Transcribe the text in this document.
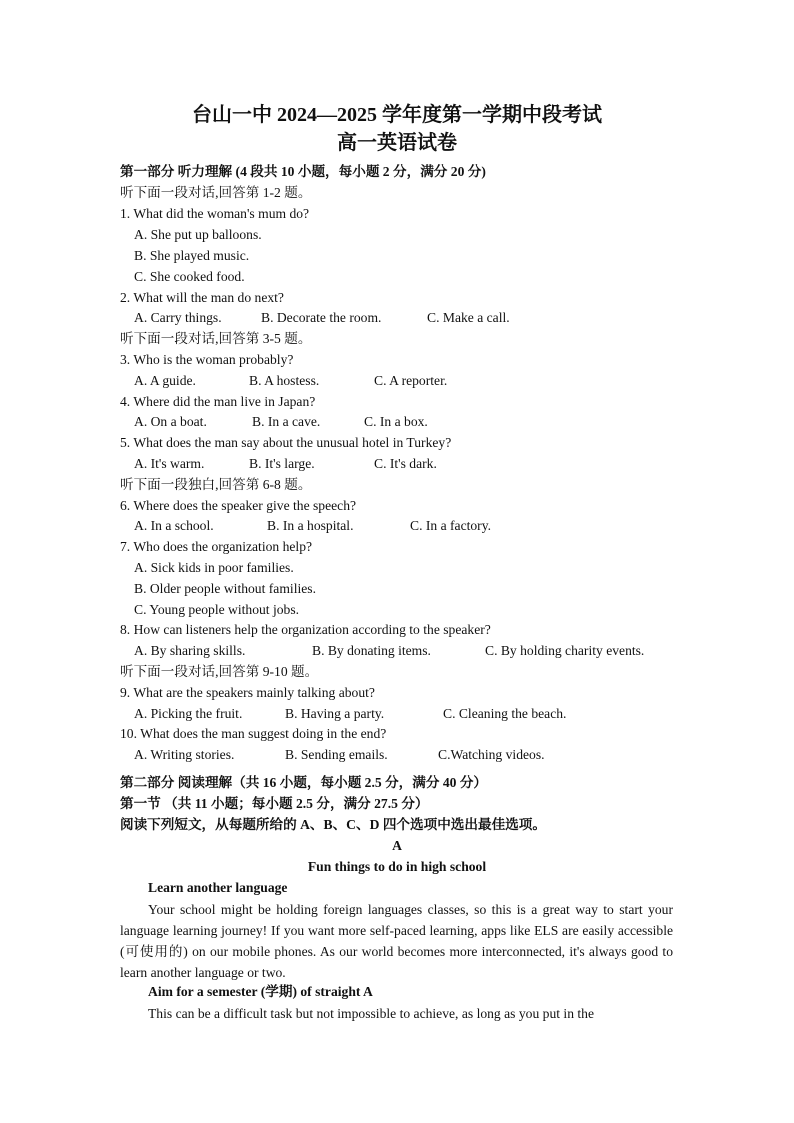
台山一中 2024—2025 学年度第一学期中段考试
高一英语试卷
第一部分 听力理解 (4 段共 10 小题，每小题 2 分，满分 20 分)
听下面一段对话,回答第 1-2 题。
1. What did the woman's mum do?
A. She put up balloons.
B. She played music.
C. She cooked food.
2. What will the man do next?
A. Carry things.	B. Decorate the room.	C. Make a call.
听下面一段对话,回答第 3-5 题。
3. Who is the woman probably?
A. A guide.	B. A hostess.	C. A reporter.
4. Where did the man live in Japan?
A. On a boat.	B. In a cave.	C. In a box.
5. What does the man say about the unusual hotel in Turkey?
A. It's warm.	B. It's large.	C. It's dark.
听下面一段独白,回答第 6-8 题。
6. Where does the speaker give the speech?
A. In a school.	B. In a hospital.	C. In a factory.
7. Who does the organization help?
A. Sick kids in poor families.
B. Older people without families.
C. Young people without jobs.
8. How can listeners help the organization according to the speaker?
A. By sharing skills.	B. By donating items.	C. By holding charity events.
听下面一段对话,回答第 9-10 题。
9. What are the speakers mainly talking about?
A. Picking the fruit.	B. Having a party.	C. Cleaning the beach.
10. What does the man suggest doing in the end?
A. Writing stories.	B. Sending emails.	C.Watching videos.
第二部分 阅读理解（共 16 小题，每小题 2.5 分，满分 40 分）
第一节 （共 11 小题；每小题 2.5 分，满分 27.5 分）
阅读下列短文，从每题所给的 A、B、C、D 四个选项中选出最佳选项。
A
Fun things to do in high school
Learn another language
Your school might be holding foreign languages classes, so this is a great way to start your language learning journey! If you want more self-paced learning, apps like ELS are easily accessible (可使用的) on our mobile phones. As our world becomes more interconnected, it's always good to learn another language or two.
Aim for a semester (学期) of straight A
This can be a difficult task but not impossible to achieve, as long as you put in the
